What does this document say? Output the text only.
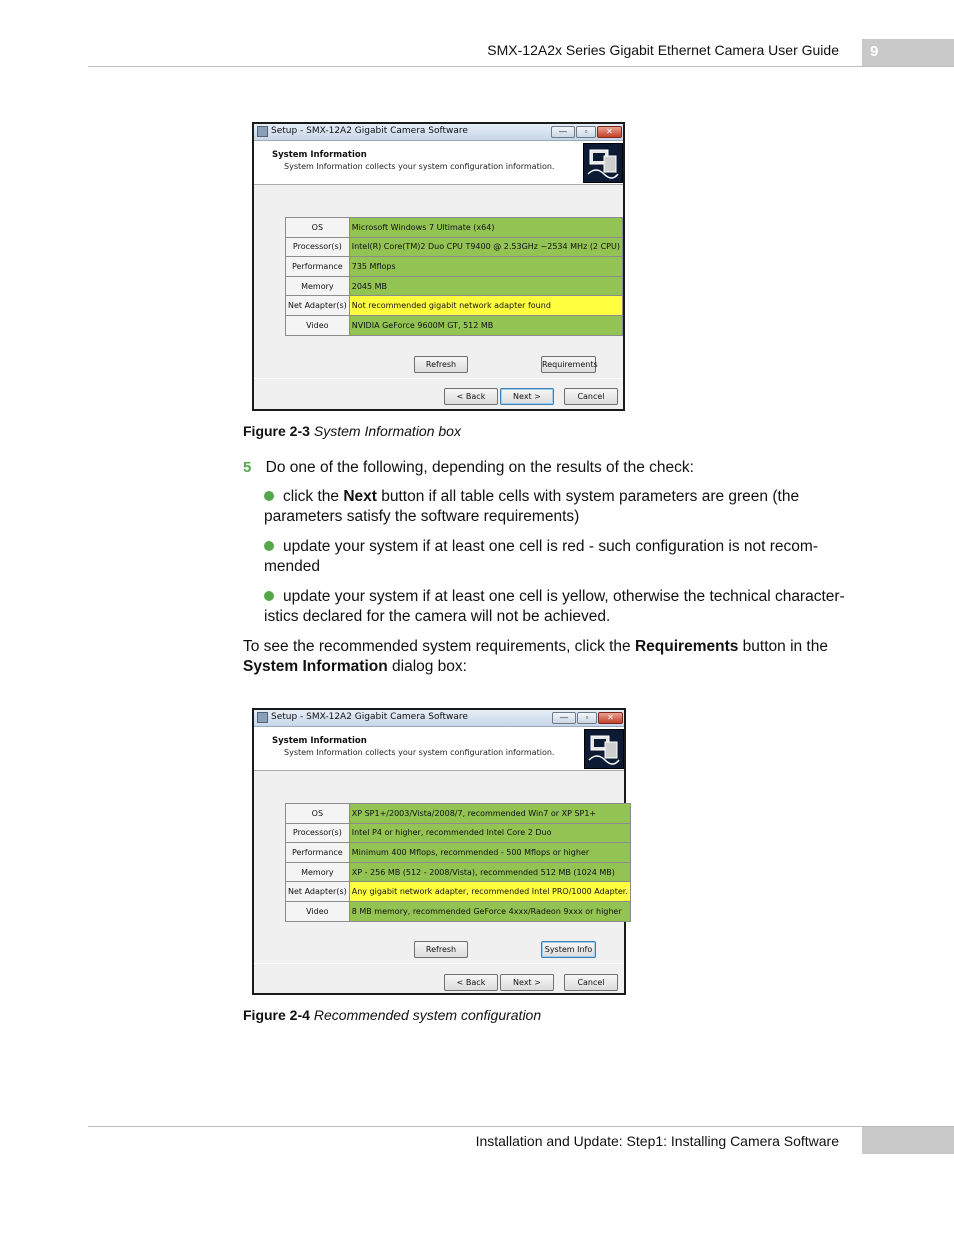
SMX-12A2x Series Gigabit Ethernet Camera User Guide	9
Setup - SMX-12A2 Gigabit Camera Software	—	▫	✕
System Information
System Information collects your system configuration information.
OS	Microsoft Windows 7 Ultimate (x64)
Processor(s)	Intel(R) Core(TM)2 Duo CPU T9400 @ 2.53GHz ~2534 MHz (2 CPU)
Performance	735 Mflops
Memory	2045 MB
Net Adapter(s)	Not recommended gigabit network adapter found
Video	NVIDIA GeForce 9600M GT, 512 MB
Refresh	Requirements
< Back	Next >	Cancel
Figure 2-3 System Information box
5 Do one of the following, depending on the results of the check:
click the Next button if all table cells with system parameters are green (the parameters satisfy the software requirements)
update your system if at least one cell is red - such configuration is not recom-mended
update your system if at least one cell is yellow, otherwise the technical character-istics declared for the camera will not be achieved.
To see the recommended system requirements, click the Requirements button in the System Information dialog box:
Setup - SMX-12A2 Gigabit Camera Software	—	▫	✕
System Information
System Information collects your system configuration information.
OS	XP SP1+/2003/Vista/2008/7, recommended Win7 or XP SP1+
Processor(s)	Intel P4 or higher, recommended Intel Core 2 Duo
Performance	Minimum 400 Mflops, recommended - 500 Mflops or higher
Memory	XP - 256 MB (512 - 2008/Vista), recommended 512 MB (1024 MB)
Net Adapter(s)	Any gigabit network adapter, recommended Intel PRO/1000 Adapter.
Video	8 MB memory, recommended GeForce 4xxx/Radeon 9xxx or higher
Refresh	System Info
< Back	Next >	Cancel
Figure 2-4 Recommended system configuration
Installation and Update: Step1: Installing Camera Software
